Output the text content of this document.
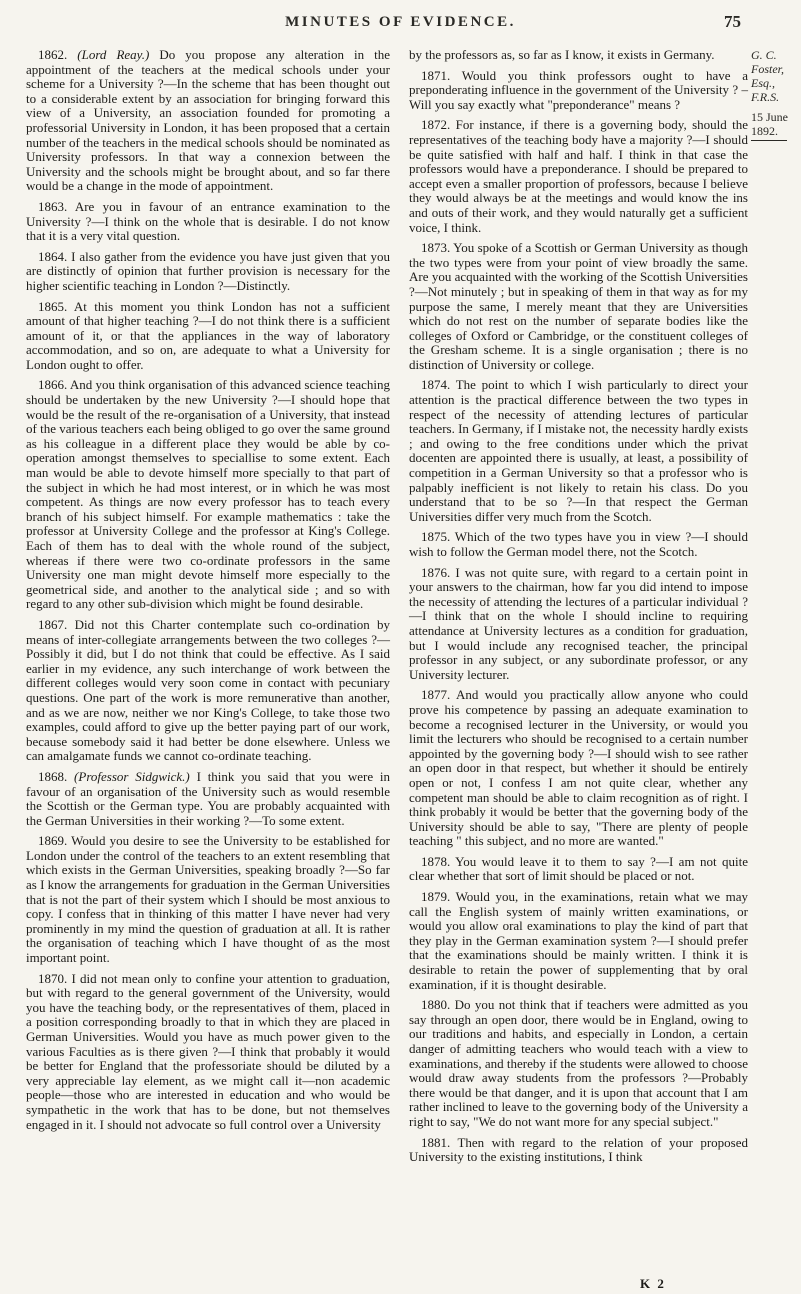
MINUTES OF EVIDENCE.	75

1862. (Lord Reay.) Do you propose any alteration in the appointment of the teachers at the medical schools under your scheme for a University ?—In the scheme that has been thought out to a considerable extent by an association for bringing forward this view of a University, an association founded for promoting a professorial University in London, it has been proposed that a certain number of the teachers in the medical schools should be nominated as University professors. In that way a connexion between the University and the schools might be brought about, and so far there would be a change in the mode of appointment.

1863. Are you in favour of an entrance examination to the University ?—I think on the whole that is desirable. I do not know that it is a very vital question.

1864. I also gather from the evidence you have just given that you are distinctly of opinion that further provision is necessary for the higher scientific teaching in London ?—Distinctly.

1865. At this moment you think London has not a sufficient amount of that higher teaching ?—I do not think there is a sufficient amount of it, or that the appliances in the way of laboratory accommodation, and so on, are adequate to what a University for London ought to offer.

1866. And you think organisation of this advanced science teaching should be undertaken by the new University ?—I should hope that would be the result of the re-organisation of a University, that instead of the various teachers each being obliged to go over the same ground as his colleague in a different place they would be able by co-operation amongst themselves to speciallise to some extent. Each man would be able to devote himself more specially to that part of the subject in which he had most interest, or in which he was most competent. As things are now every professor has to teach every branch of his subject himself. For example mathematics : take the professor at University College and the professor at King's College. Each of them has to deal with the whole round of the subject, whereas if there were two co-ordinate professors in the same University one man might devote himself more especially to the geometrical side, and another to the analytical side ; and so with regard to any other sub-division which might be found desirable.

1867. Did not this Charter contemplate such co-ordination by means of inter-collegiate arrangements between the two colleges ?—Possibly it did, but I do not think that could be effective. As I said earlier in my evidence, any such interchange of work between the different colleges would very soon come in contact with pecuniary questions. One part of the work is more remunerative than another, and as we are now, neither we nor King's College, to take those two examples, could afford to give up the better paying part of our work, because somebody said it had better be done elsewhere. Unless we can amalgamate funds we cannot co-ordinate teaching.

1868. (Professor Sidgwick.) I think you said that you were in favour of an organisation of the University such as would resemble the Scottish or the German type. You are probably acquainted with the German Universities in their working ?—To some extent.

1869. Would you desire to see the University to be established for London under the control of the teachers to an extent resembling that which exists in the German Universities, speaking broadly ?—So far as I know the arrangements for graduation in the German Universities that is not the part of their system which I should be most anxious to copy. I confess that in thinking of this matter I have never had very prominently in my mind the question of graduation at all. It is rather the organisation of teaching which I have thought of as the most important point.

1870. I did not mean only to confine your attention to graduation, but with regard to the general government of the University, would you have the teaching body, or the representatives of them, placed in a position corresponding broadly to that in which they are placed in German Universities. Would you have as much power given to the various Faculties as is there given ?—I think that probably it would be better for England that the professoriate should be diluted by a very appreciable lay element, as we might call it—non academic people—those who are interested in education and who would be sympathetic in the work that has to be done, but not themselves engaged in it. I should not advocate so full control over a University

by the professors as, so far as I know, it exists in Germany.

1871. Would you think professors ought to have a preponderating influence in the government of the University ? – Will you say exactly what "preponderance" means ?

1872. For instance, if there is a governing body, should the representatives of the teaching body have a majority ?—I should be quite satisfied with half and half. I think in that case the professors would have a preponderance. I should be prepared to accept even a smaller proportion of professors, because I believe they would always be at the meetings and would know the ins and outs of their work, and they would naturally get a sufficient voice, I think.

1873. You spoke of a Scottish or German University as though the two types were from your point of view broadly the same. Are you acquainted with the working of the Scottish Universities ?—Not minutely ; but in speaking of them in that way as for my purpose the same, I merely meant that they are Universities which do not rest on the number of separate bodies like the colleges of Oxford or Cambridge, or the constituent colleges of the Gresham scheme. It is a single organisation ; there is no distinction of University or college.

1874. The point to which I wish particularly to direct your attention is the practical difference between the two types in respect of the necessity of attending lectures of particular teachers. In Germany, if I mistake not, the necessity hardly exists ; and owing to the free conditions under which the privat docenten are appointed there is usually, at least, a possibility of competition in a German University so that a professor who is palpably inefficient is not likely to retain his class. Do you understand that to be so ?—In that respect the German Universities differ very much from the Scotch.

1875. Which of the two types have you in view ?—I should wish to follow the German model there, not the Scotch.

1876. I was not quite sure, with regard to a certain point in your answers to the chairman, how far you did intend to impose the necessity of attending the lectures of a particular individual ?—I think that on the whole I should incline to requiring attendance at University lectures as a condition for graduation, but I would include any recognised teacher, the principal professor in any subject, or any subordinate professor, or any University lecturer.

1877. And would you practically allow anyone who could prove his competence by passing an adequate examination to become a recognised lecturer in the University, or would you limit the lecturers who should be recognised to a certain number appointed by the governing body ?—I should wish to see rather an open door in that respect, but whether it should be entirely open or not, I confess I am not quite clear, whether any competent man should be able to claim recognition as of right. I think probably it would be better that the governing body of the University should be able to say, "There are plenty of people teaching " this subject, and no more are wanted."

1878. You would leave it to them to say ?—I am not quite clear whether that sort of limit should be placed or not.

1879. Would you, in the examinations, retain what we may call the English system of mainly written examinations, or would you allow oral examinations to play the kind of part that they play in the German examination system ?—I should prefer that the examinations should be mainly written. I think it is desirable to retain the power of supplementing that by oral examination, if it is thought desirable.

1880. Do you not think that if teachers were admitted as you say through an open door, there would be in England, owing to our traditions and habits, and especially in London, a certain danger of admitting teachers who would teach with a view to examinations, and thereby if the students were allowed to choose would draw away students from the professors ?—Probably there would be that danger, and it is upon that account that I am rather inclined to leave to the governing body of the University a right to say, "We do not want more for any special subject."

1881. Then with regard to the relation of your proposed University to the existing institutions, I think

G. C. Foster, Esq., F.R.S.
15 June 1892.
K 2
